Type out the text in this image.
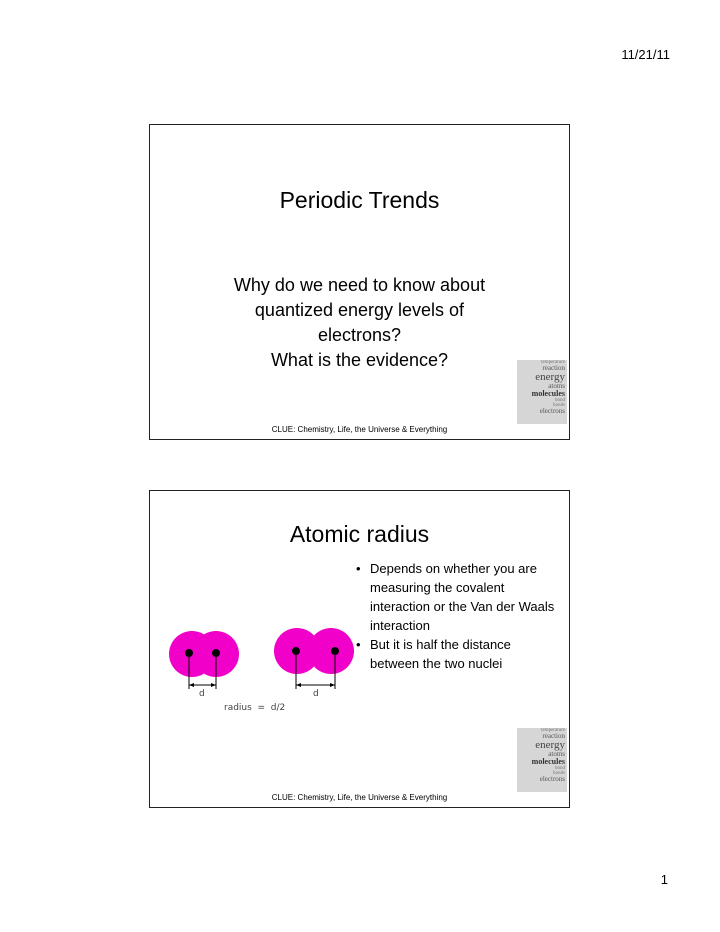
11/21/11
Periodic Trends
Why do we need to know about
quantized energy levels of
electrons?
What is the evidence?	temperature
reaction
energy
atoms
molecules
bond
bonds
electrons
CLUE: Chemistry, Life, the Universe & Everything
Atomic radius
d	d
radius  =  d/2
• Depends on whether you are measuring the covalent interaction or the Van der Waals interaction
• But it is half the distance between the two nuclei
temperature
reaction
energy
atoms
molecules
bond
bonds
electrons
CLUE: Chemistry, Life, the Universe & Everything
1
